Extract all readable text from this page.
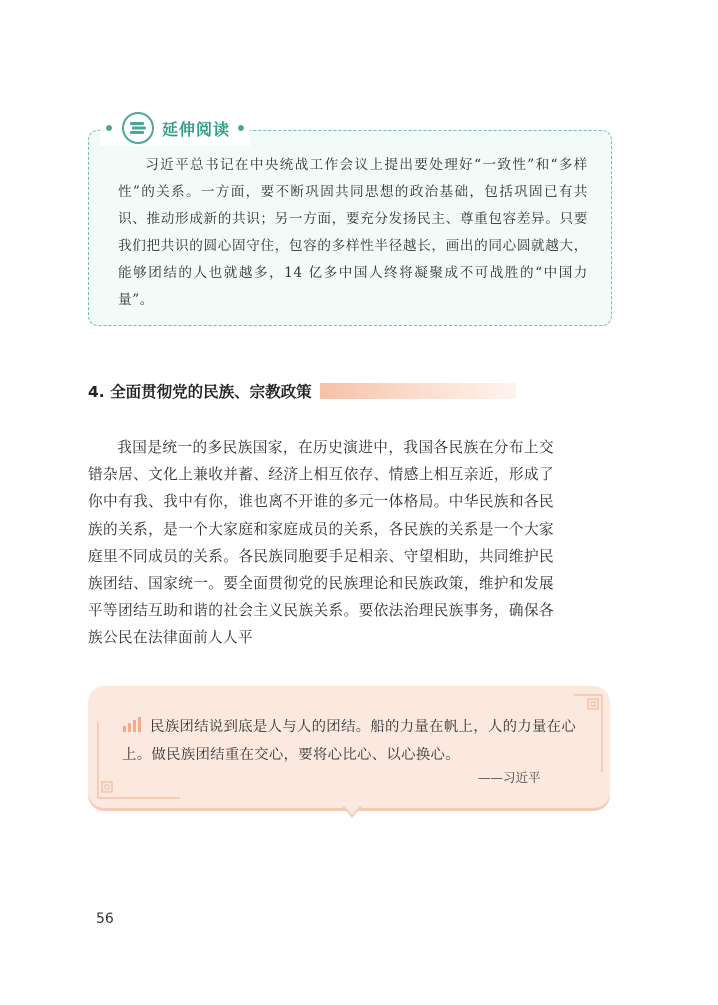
延伸阅读

习近平总书记在中央统战工作会议上提出要处理好“一致性”和“多样性”的关系。一方面，要不断巩固共同思想的政治基础，包括巩固已有共识、推动形成新的共识；另一方面，要充分发扬民主、尊重包容差异。只要我们把共识的圆心固守住，包容的多样性半径越长，画出的同心圆就越大，能够团结的人也就越多，14 亿多中国人终将凝聚成不可战胜的“中国力量”。

4. 全面贯彻党的民族、宗教政策

我国是统一的多民族国家，在历史演进中，我国各民族在分布上交错杂居、文化上兼收并蓄、经济上相互依存、情感上相互亲近，形成了你中有我、我中有你，谁也离不开谁的多元一体格局。中华民族和各民族的关系，是一个大家庭和家庭成员的关系，各民族的关系是一个大家庭里不同成员的关系。各民族同胞要手足相亲、守望相助，共同维护民族团结、国家统一。要全面贯彻党的民族理论和民族政策，维护和发展平等团结互助和谐的社会主义民族关系。要依法治理民族事务，确保各族公民在法律面前人人平

民族团结说到底是人与人的团结。船的力量在帆上，人的力量在心上。做民族团结重在交心，要将心比心、以心换心。

——习近平
56
